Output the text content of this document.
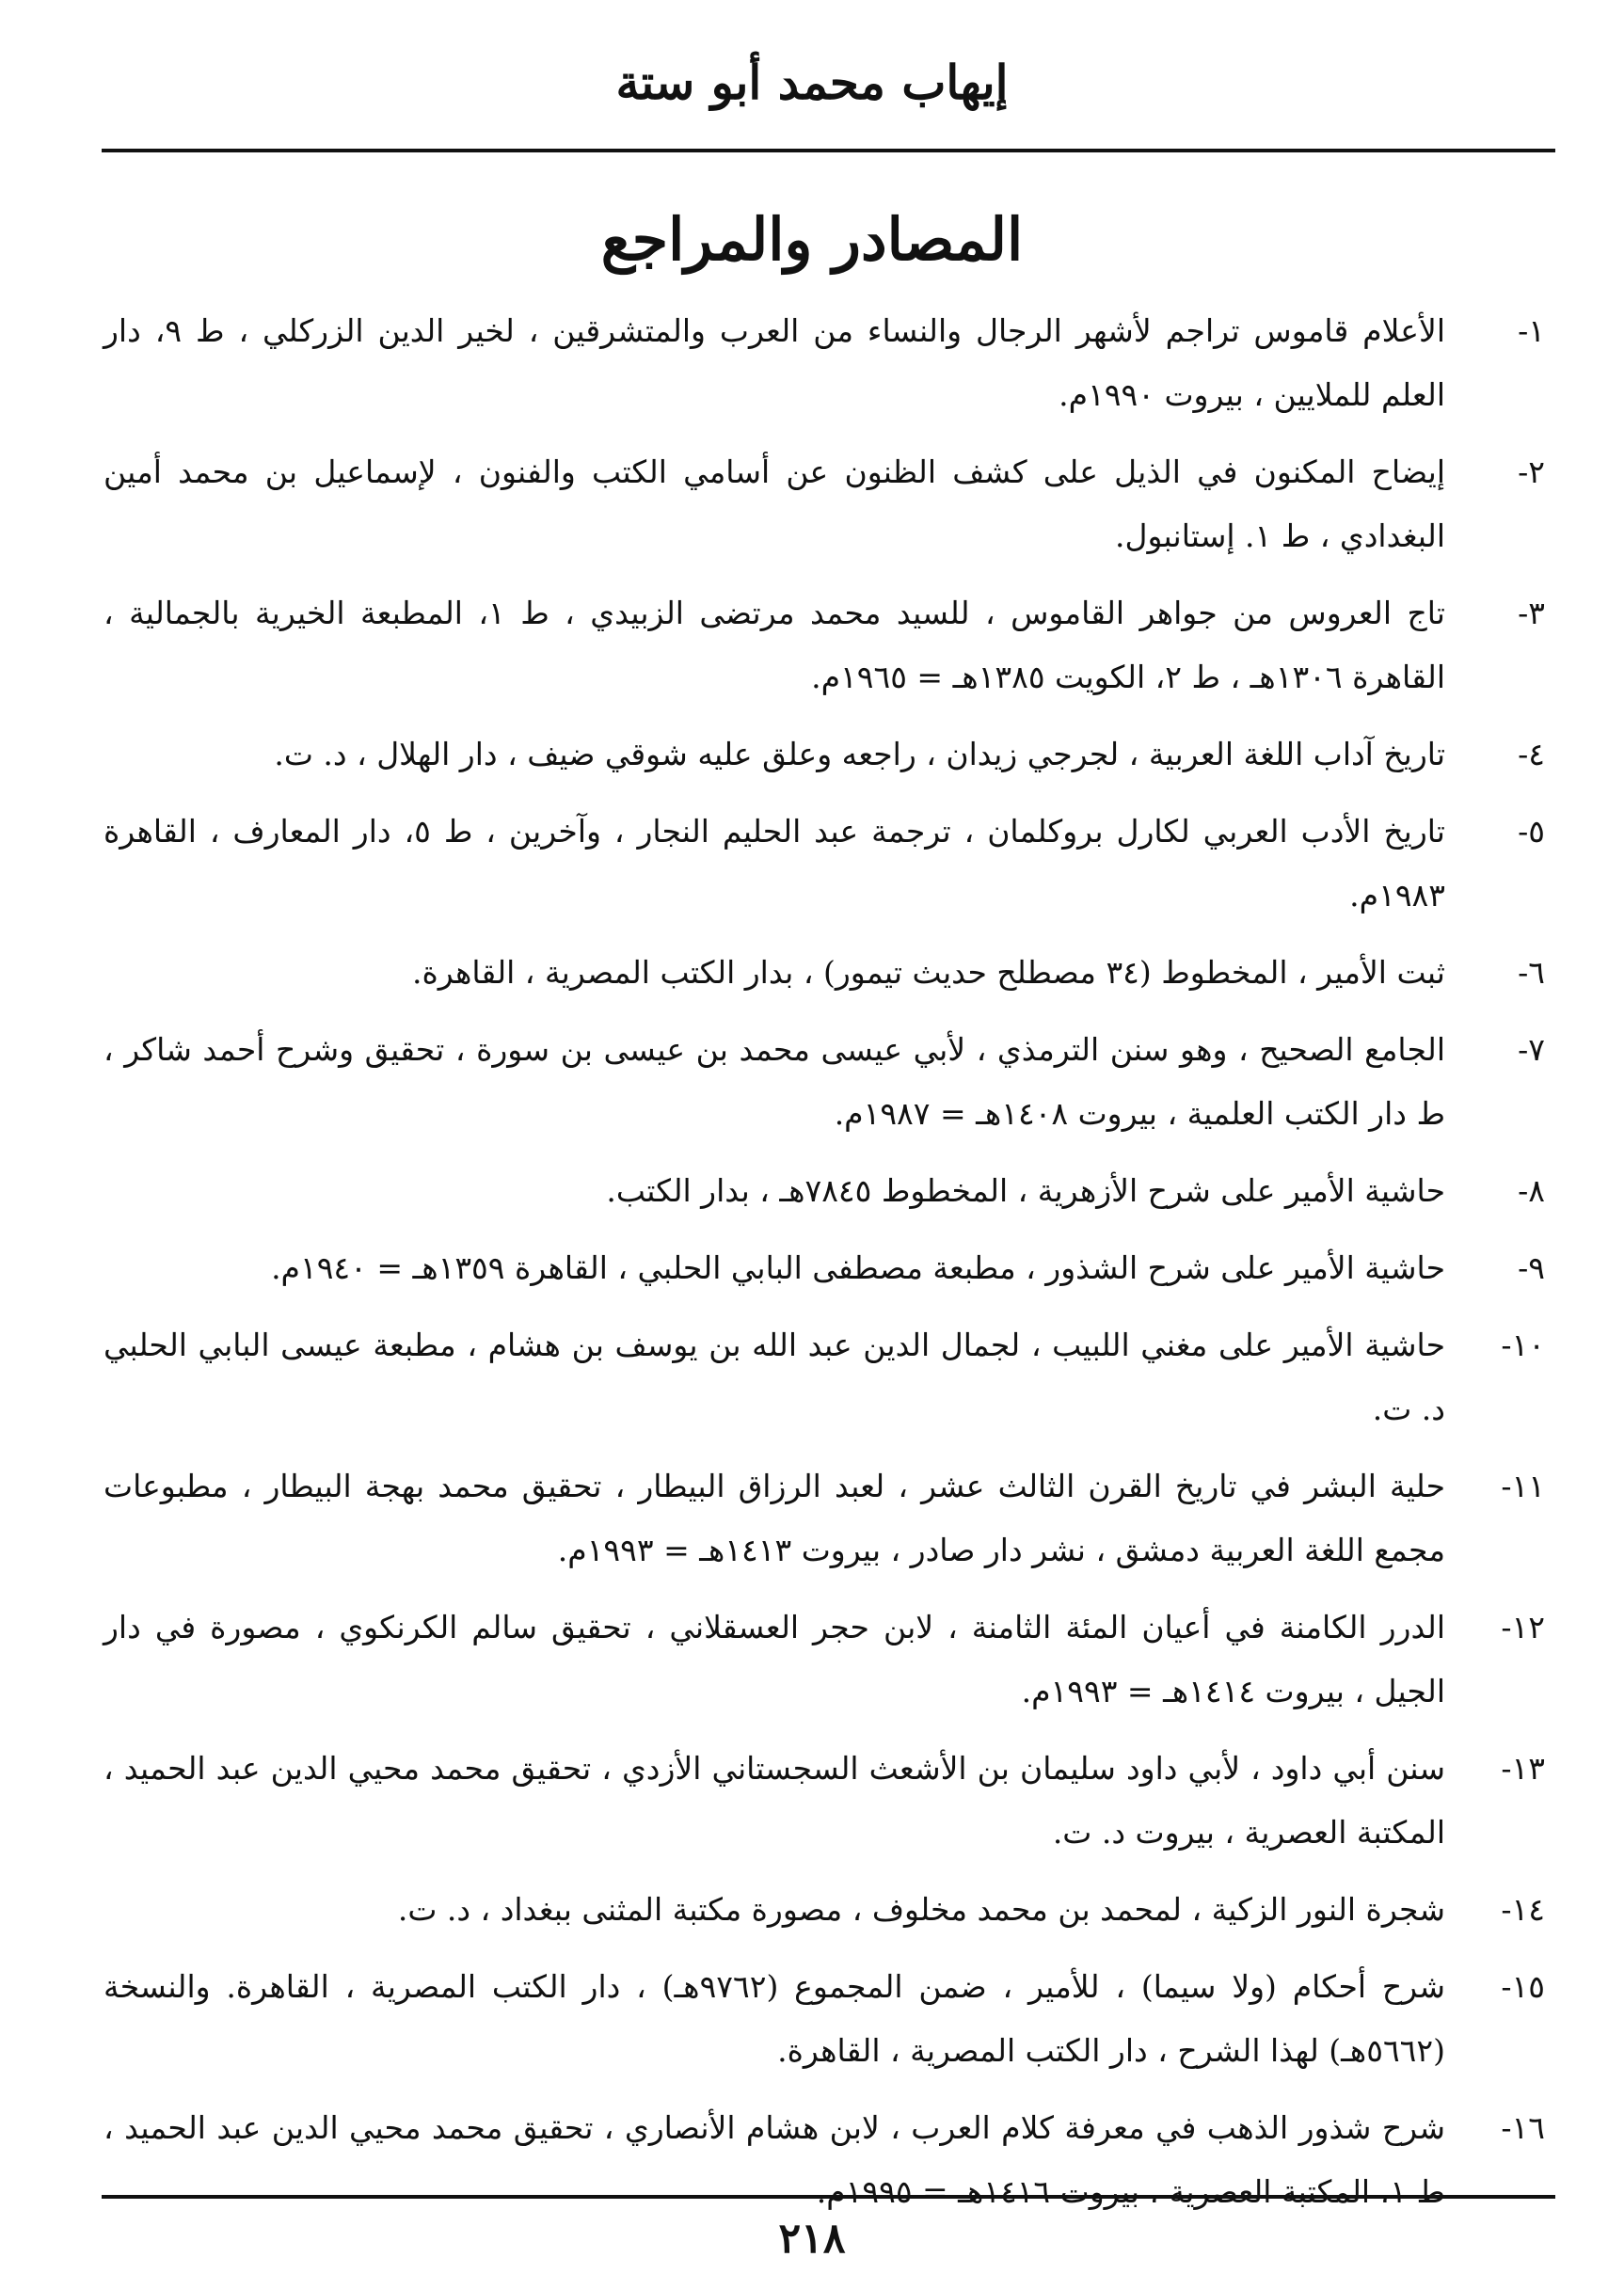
إيهاب محمد أبو ستة
المصادر والمراجع
١-
الأعلام قاموس تراجم لأشهر الرجال والنساء من العرب والمتشرقين ، لخير الدين الزركلي ، ط ٩، دار العلم للملايين ، بيروت ١٩٩٠م.
٢-
إيضاح المكنون في الذيل على كشف الظنون عن أسامي الكتب والفنون ، لإسماعيل بن محمد أمين البغدادي ، ط ١. إستانبول.
٣-
تاج العروس من جواهر القاموس ، للسيد محمد مرتضى الزبيدي ، ط ١، المطبعة الخيرية بالجمالية ، القاهرة ١٣٠٦هـ ، ط ٢، الكويت ١٣٨٥هـ = ١٩٦٥م.
٤-
تاريخ آداب اللغة العربية ، لجرجي زيدان ، راجعه وعلق عليه شوقي ضيف ، دار الهلال ، د. ت.
٥-
تاريخ الأدب العربي لكارل بروكلمان ، ترجمة عبد الحليم النجار ، وآخرين ، ط ٥، دار المعارف ، القاهرة ١٩٨٣م.
٦-
ثبت الأمير ، المخطوط (٣٤ مصطلح حديث تيمور) ، بدار الكتب المصرية ، القاهرة.
٧-
الجامع الصحيح ، وهو سنن الترمذي ، لأبي عيسى محمد بن عيسى بن سورة ، تحقيق وشرح أحمد شاكر ، ط دار الكتب العلمية ، بيروت ١٤٠٨هـ = ١٩٨٧م.
٨-
حاشية الأمير على شرح الأزهرية ، المخطوط ٧٨٤٥هـ ، بدار الكتب.
٩-
حاشية الأمير على شرح الشذور ، مطبعة مصطفى البابي الحلبي ، القاهرة ١٣٥٩هـ = ١٩٤٠م.
١٠-
حاشية الأمير على مغني اللبيب ، لجمال الدين عبد الله بن يوسف بن هشام ، مطبعة عيسى البابي الحلبي د. ت.
١١-
حلية البشر في تاريخ القرن الثالث عشر ، لعبد الرزاق البيطار ، تحقيق محمد بهجة البيطار ، مطبوعات مجمع اللغة العربية دمشق ، نشر دار صادر ، بيروت ١٤١٣هـ = ١٩٩٣م.
١٢-
الدرر الكامنة في أعيان المئة الثامنة ، لابن حجر العسقلاني ، تحقيق سالم الكرنكوي ، مصورة في دار الجيل ، بيروت ١٤١٤هـ = ١٩٩٣م.
١٣-
سنن أبي داود ، لأبي داود سليمان بن الأشعث السجستاني الأزدي ، تحقيق محمد محيي الدين عبد الحميد ، المكتبة العصرية ، بيروت د. ت.
١٤-
شجرة النور الزكية ، لمحمد بن محمد مخلوف ، مصورة مكتبة المثنى ببغداد ، د. ت.
١٥-
شرح أحكام (ولا سيما) ، للأمير ، ضمن المجموع (٩٧٦٢هـ) ، دار الكتب المصرية ، القاهرة. والنسخة (٥٦٦٢هـ) لهذا الشرح ، دار الكتب المصرية ، القاهرة.
١٦-
شرح شذور الذهب في معرفة كلام العرب ، لابن هشام الأنصاري ، تحقيق محمد محيي الدين عبد الحميد ، ط ١، المكتبة العصرية ، بيروت ١٤١٦هـ = ١٩٩٥م.
٢١٨
